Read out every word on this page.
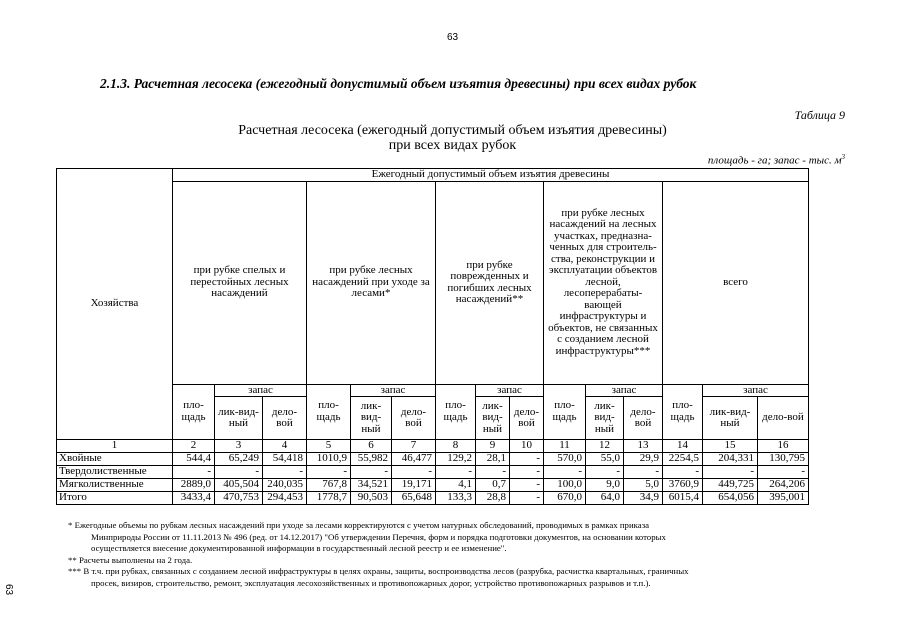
63
2.1.3. Расчетная лесосека (ежегодный допустимый объем изъятия древесины) при всех видах рубок
Таблица 9
Расчетная лесосека (ежегодный допустимый объем изъятия древесины)
при всех видах рубок
площадь - га; запас - тыс. $м^3$
Хозяйства	Ежегодный допустимый объем изъятия древесины														
	при рубке спелых и перестойных лесных насаждений			при рубке лесных насаждений при уходе за лесами*			при рубке поврежденных и погибших лесных насаждений**			при рубке лесных насаждений на лесных участках, предназна-ченных для строитель-ства, реконструкции и эксплуатации объектов лесной, лесоперерабаты-вающей инфраструктуры и объектов, не связанных с созданием лесной инфраструктуры***			всего		
	пло-щадь	запас		пло-щадь	запас		пло-щадь	запас		пло-щадь	запас		пло-щадь	запас	
		лик-вид-ный	дело-вой		лик-вид-ный	дело-вой		лик-вид-ный	дело-вой		лик-вид-ный	дело-вой		лик-вид-ный	дело-вой
1	2	3	4	5	6	7	8	9	10	11	12	13	14	15	16
Хвойные	544,4	65,249	54,418	1010,9	55,982	46,477	129,2	28,1	-	570,0	55,0	29,9	2254,5	204,331	130,795
Твердолиственные	-	-	-	-	-	-	-	-	-	-	-	-	-	-	-
Мягколиственные	2889,0	405,504	240,035	767,8	34,521	19,171	4,1	0,7	-	100,0	9,0	5,0	3760,9	449,725	264,206
Итого	3433,4	470,753	294,453	1778,7	90,503	65,648	133,3	28,8	-	670,0	64,0	34,9	6015,4	654,056	395,001

* Ежегодные объемы по рубкам лесных насаждений при уходе за лесами корректируются с учетом натурных обследований, проводимых в рамках приказа

Минприроды России от 11.11.2013 № 496 (ред. от 14.12.2017) "Об утверждении Перечня, форм и порядка подготовки документов, на основании которых

осуществляется внесение документированной информации в государственный лесной реестр и ее изменение".

** Расчеты выполнены на 2 года.

*** В т.ч. при рубках, связанных с созданием лесной инфраструктуры в целях охраны, защиты, воспроизводства лесов (разрубка, расчистка квартальных, граничных

просек, визиров, строительство, ремонт, эксплуатация лесохозяйственных и противопожарных дорог, устройство противопожарных разрывов и т.п.).

63
